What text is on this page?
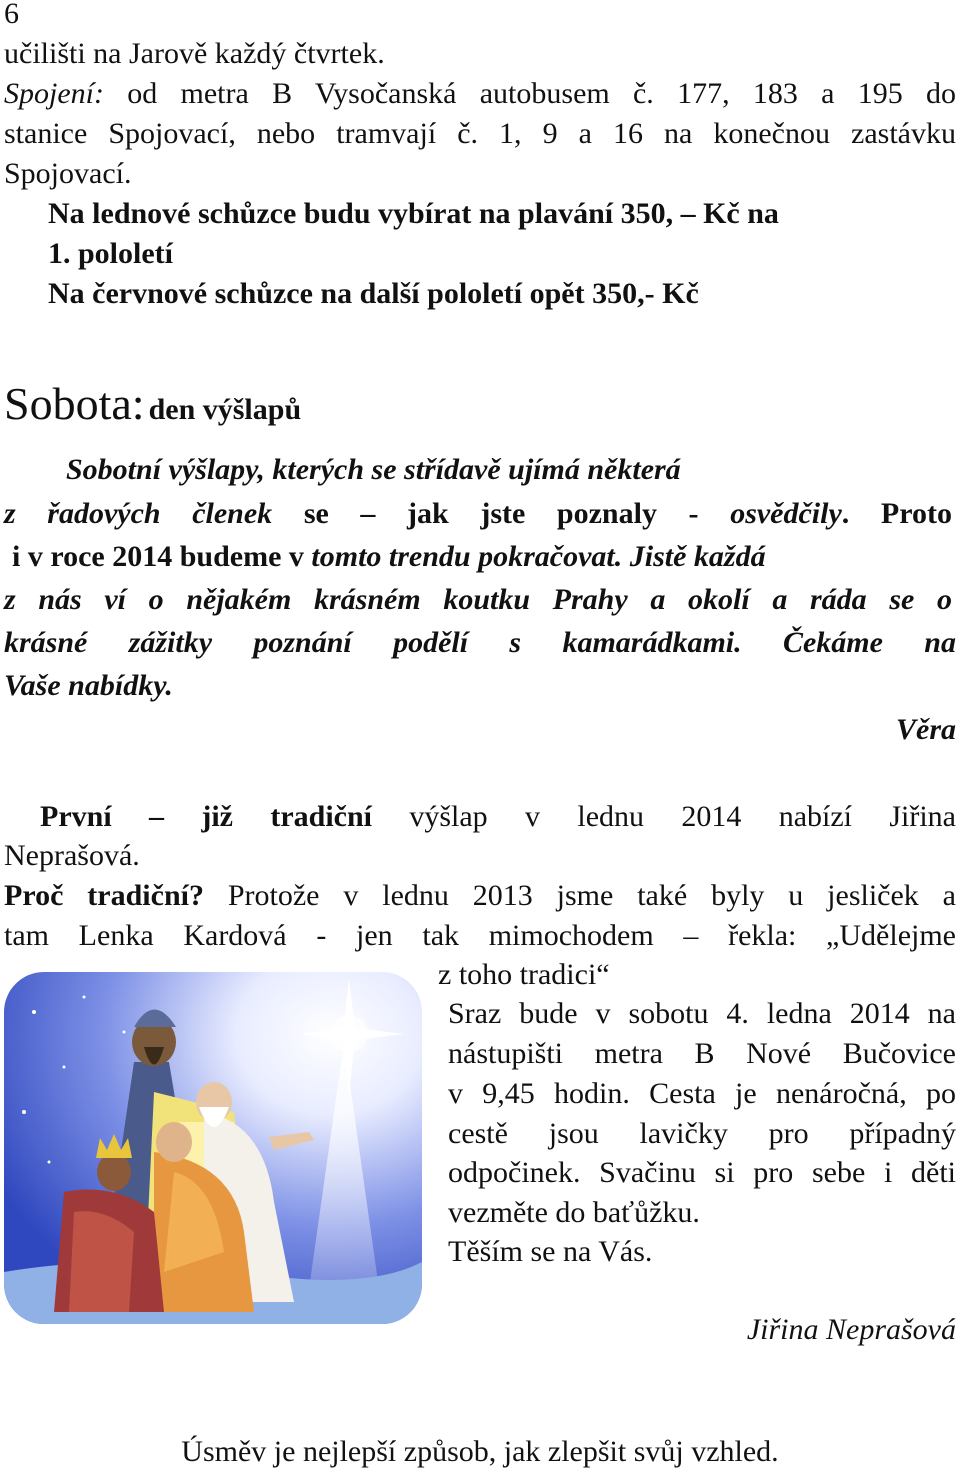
6
učilišti na Jarově každý čtvrtek.
Spojení: od metra B Vysočanská autobusem č. 177, 183 a 195 do
stanice Spojovací, nebo tramvají č. 1, 9 a 16 na konečnou zastávku
Spojovací.
Na lednové schůzce budu vybírat na plavání 350, – Kč na
1. pololetí
Na červnové schůzce na další pololetí opět 350,- Kč
Sobota: den výšlapů
Sobotní výšlapy, kterých se střídavě ujímá některá
z řadových členek se – jak jste poznaly - osvědčily. Proto
i v roce 2014 budeme v tomto trendu pokračovat. Jistě každá
z nás ví o nějakém krásném koutku Prahy a okolí a ráda se o
krásné zážitky poznání podělí s kamarádkami. Čekáme na
Vaše nabídky.
Věra
První – již tradiční výšlap v lednu 2014 nabízí Jiřina
Neprašová.
Proč tradiční? Protože v lednu 2013 jsme také byly u jesliček a
tam Lenka Kardová - jen tak mimochodem – řekla: „Udělejme
z toho tradici“
Sraz bude v sobotu 4. ledna 2014 na
nástupišti metra B Nové Bučovice
v 9,45 hodin. Cesta je nenáročná, po
cestě jsou lavičky pro případný
odpočinek. Svačinu si pro sebe i děti
vezměte do baťůžku.
Těším se na Vás.
Jiřina Neprašová
Úsměv je nejlepší způsob, jak zlepšit svůj vzhled.
